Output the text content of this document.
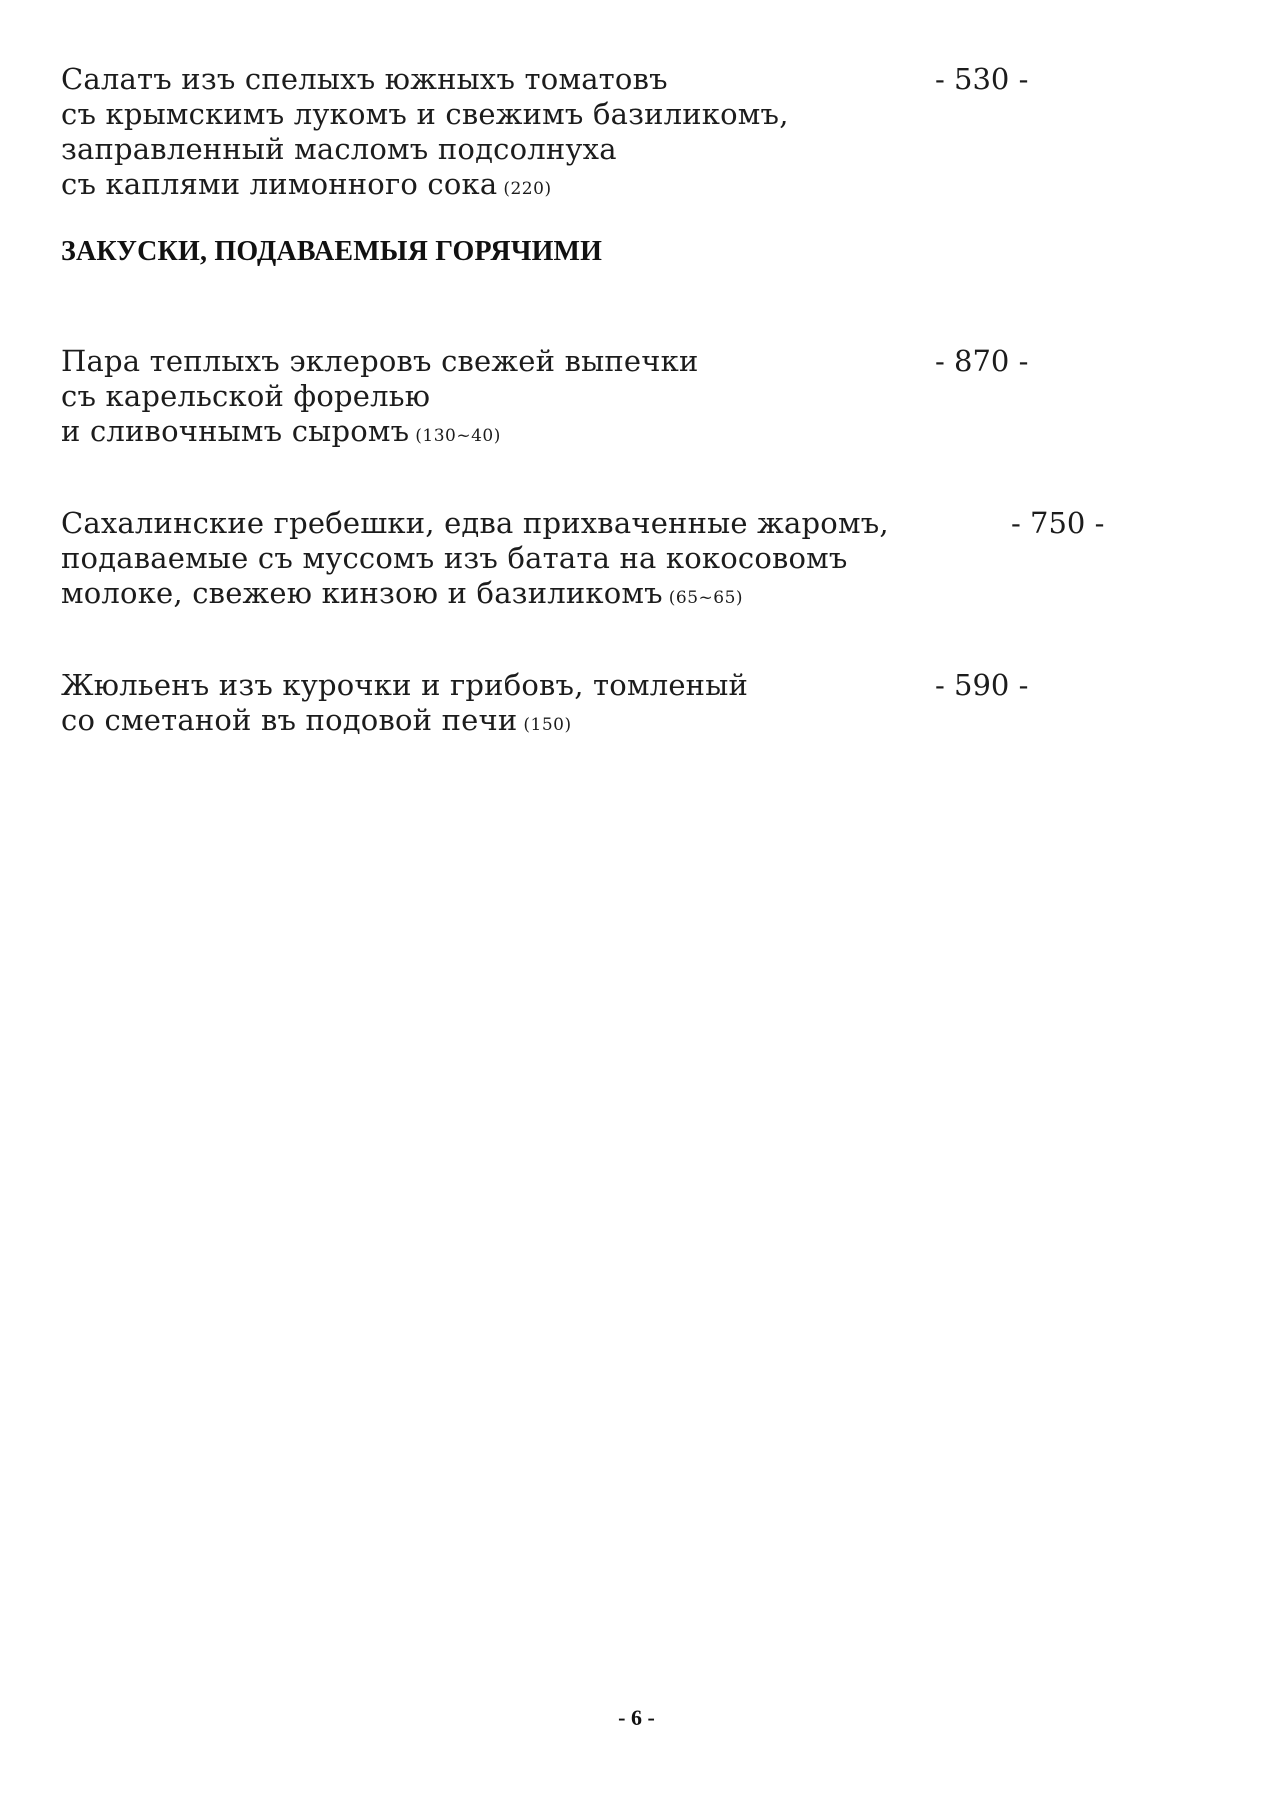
Салатъ изъ спелыхъ южныхъ томатовъ
съ крымскимъ лукомъ и свежимъ базиликомъ,
заправленный масломъ подсолнуха
съ каплями лимонного сока (220)
- 530 -
ЗАКУСКИ, ПОДАВАЕМЫЯ ГОРЯЧИМИ
Пара теплыхъ эклеровъ свежей выпечки
съ карельской форелью
и сливочнымъ сыромъ (130~40)
- 870 -
Сахалинские гребешки, едва прихваченные жаромъ,
подаваемые съ муссомъ изъ батата на кокосовомъ
молоке, свежею кинзою и базиликомъ (65~65)
- 750 -
Жюльенъ изъ курочки и грибовъ, томленый
со сметаной въ подовой печи (150)
- 590 -
- 6 -
